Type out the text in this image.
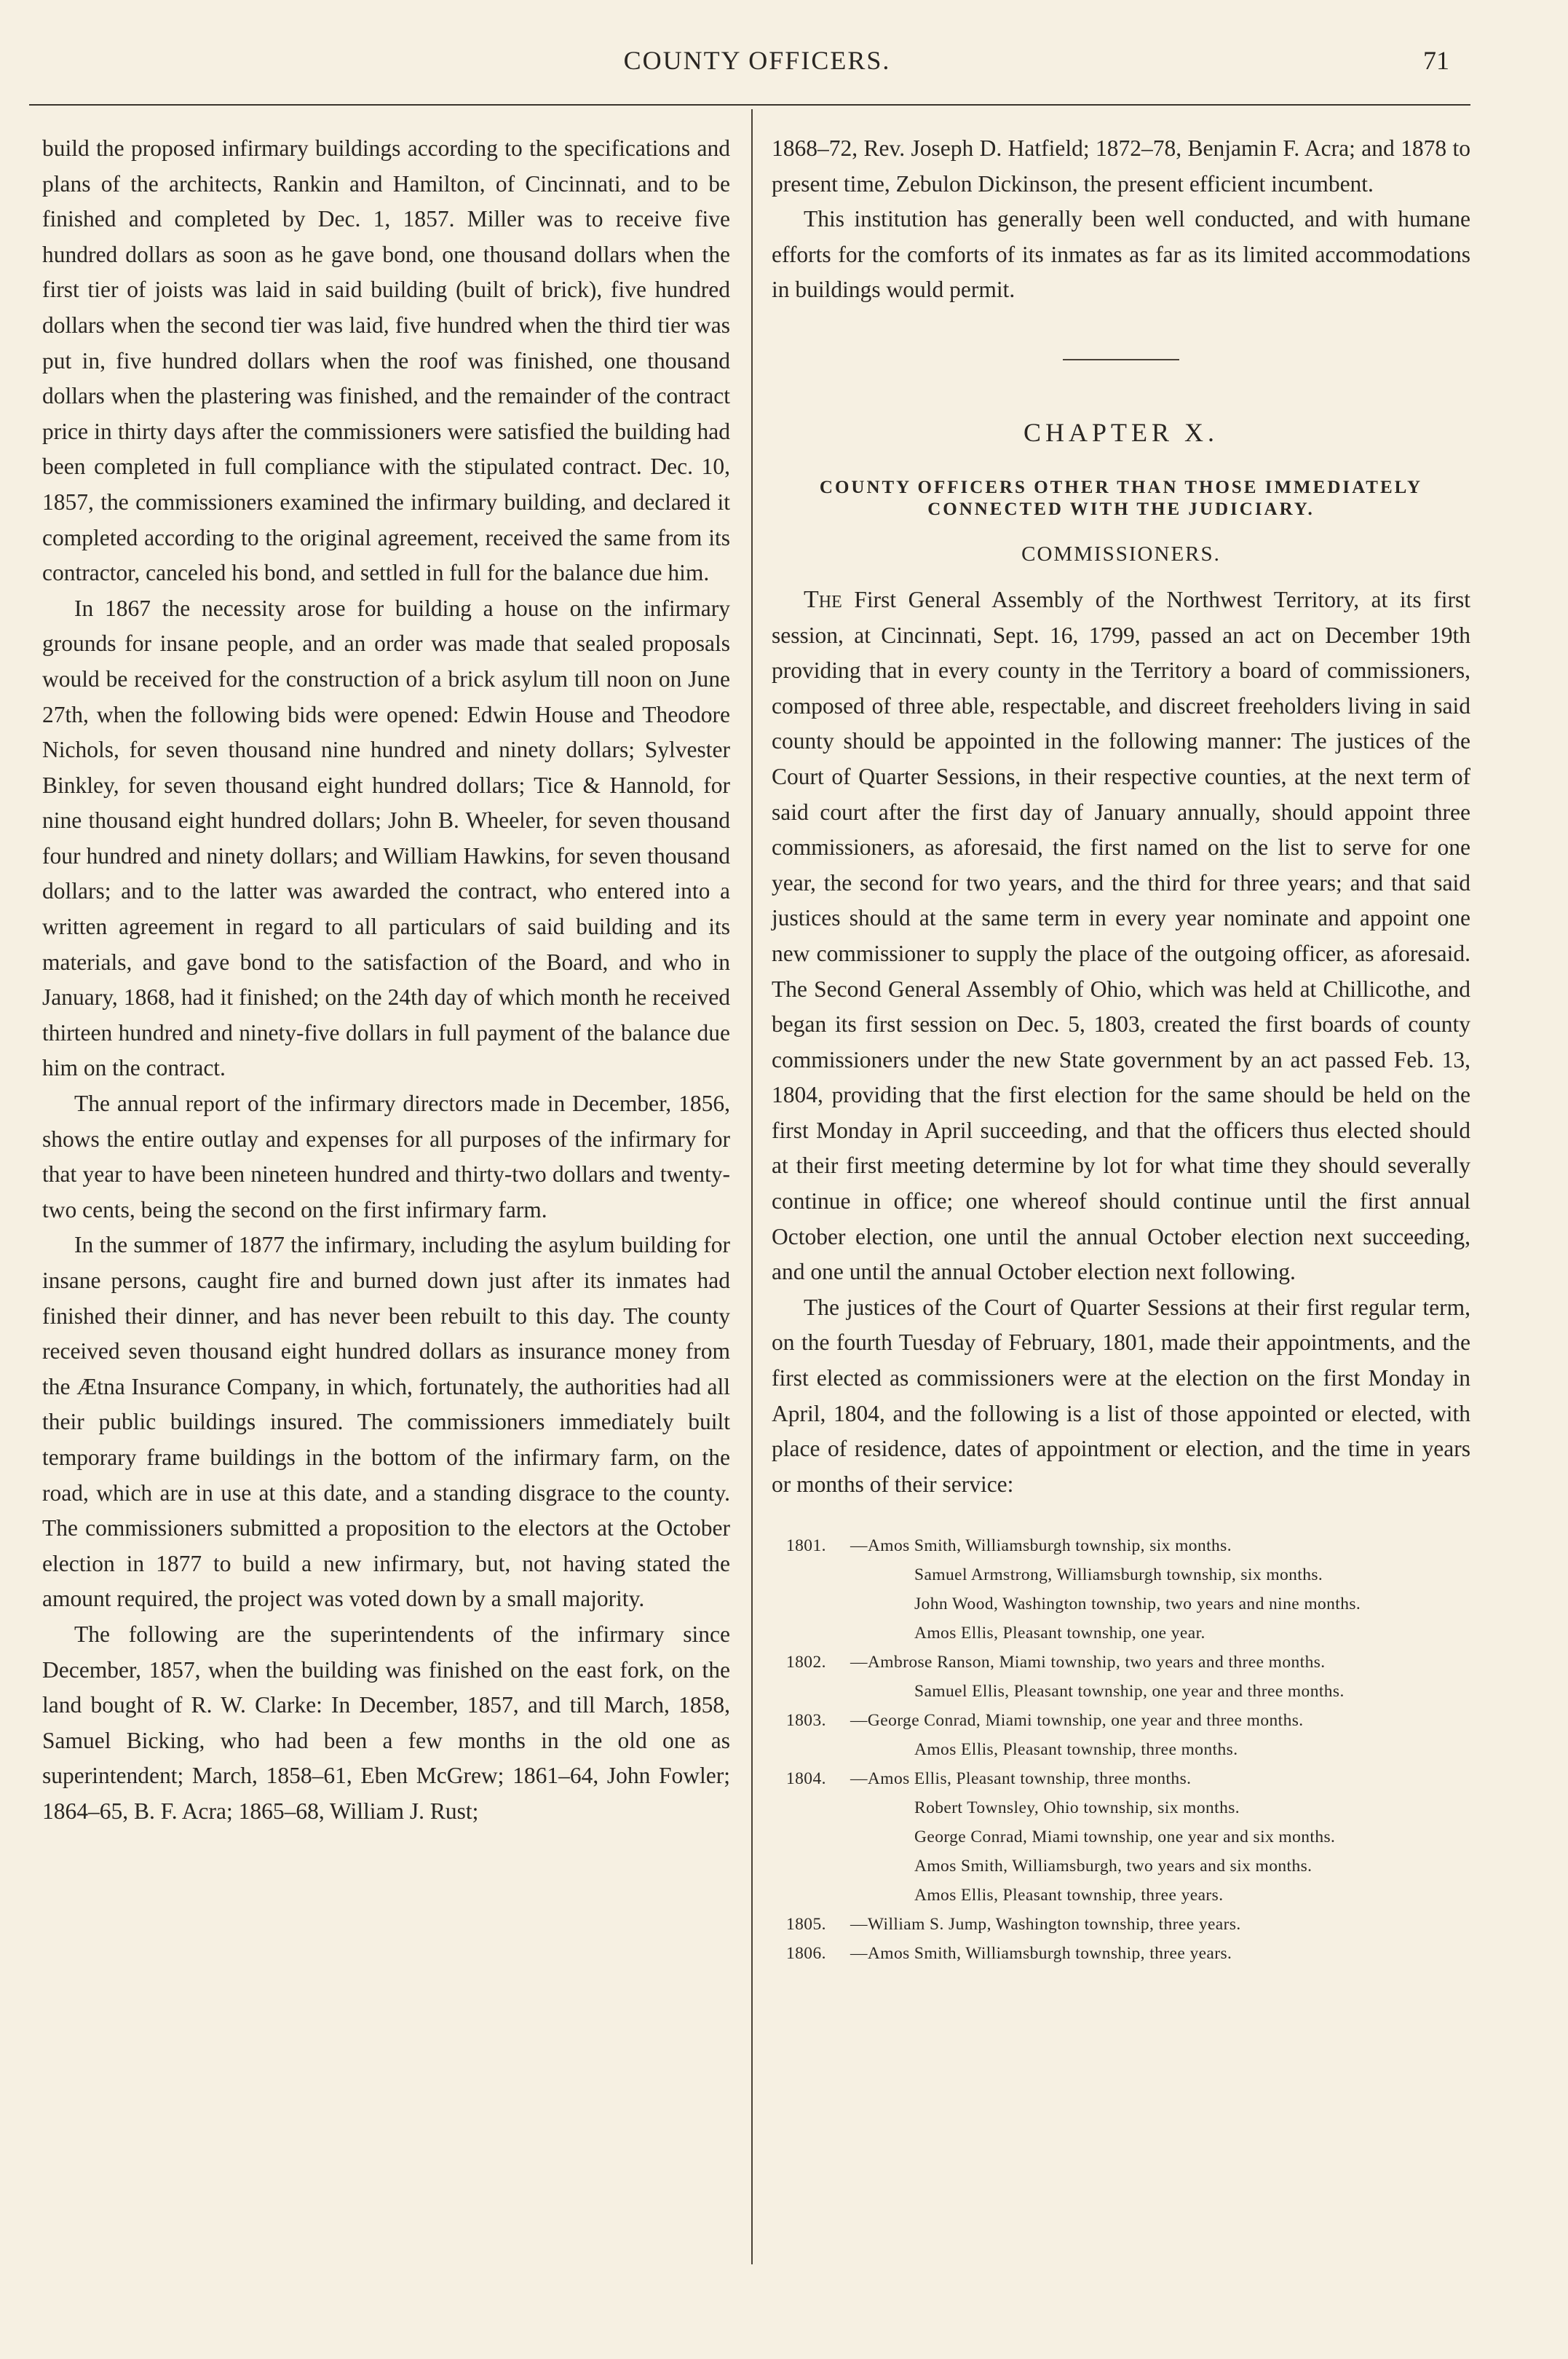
COUNTY OFFICERS.	71

build the proposed infirmary buildings according to the specifications and plans of the architects, Rankin and Hamilton, of Cincinnati, and to be finished and completed by Dec. 1, 1857. Miller was to receive five hundred dollars as soon as he gave bond, one thousand dollars when the first tier of joists was laid in said building (built of brick), five hundred dollars when the second tier was laid, five hundred when the third tier was put in, five hundred dollars when the roof was finished, one thousand dollars when the plastering was finished, and the remainder of the contract price in thirty days after the commissioners were satisfied the building had been completed in full compliance with the stipulated contract. Dec. 10, 1857, the commissioners examined the infirmary building, and declared it completed according to the original agreement, received the same from its contractor, canceled his bond, and settled in full for the balance due him.

In 1867 the necessity arose for building a house on the infirmary grounds for insane people, and an order was made that sealed proposals would be received for the construction of a brick asylum till noon on June 27th, when the following bids were opened: Edwin House and Theodore Nichols, for seven thousand nine hundred and ninety dollars; Sylvester Binkley, for seven thousand eight hundred dollars; Tice & Hannold, for nine thousand eight hundred dollars; John B. Wheeler, for seven thousand four hundred and ninety dollars; and William Hawkins, for seven thousand dollars; and to the latter was awarded the contract, who entered into a written agreement in regard to all particulars of said building and its materials, and gave bond to the satisfaction of the Board, and who in January, 1868, had it finished; on the 24th day of which month he received thirteen hundred and ninety-five dollars in full payment of the balance due him on the contract.

The annual report of the infirmary directors made in December, 1856, shows the entire outlay and expenses for all purposes of the infirmary for that year to have been nineteen hundred and thirty-two dollars and twenty-two cents, being the second on the first infirmary farm.

In the summer of 1877 the infirmary, including the asylum building for insane persons, caught fire and burned down just after its inmates had finished their dinner, and has never been rebuilt to this day. The county received seven thousand eight hundred dollars as insurance money from the Ætna Insurance Company, in which, fortunately, the authorities had all their public buildings insured. The commissioners immediately built temporary frame buildings in the bottom of the infirmary farm, on the road, which are in use at this date, and a standing disgrace to the county. The commissioners submitted a proposition to the electors at the October election in 1877 to build a new infirmary, but, not having stated the amount required, the project was voted down by a small majority.

The following are the superintendents of the infirmary since December, 1857, when the building was finished on the east fork, on the land bought of R. W. Clarke: In December, 1857, and till March, 1858, Samuel Bicking, who had been a few months in the old one as superintendent; March, 1858–61, Eben McGrew; 1861–64, John Fowler; 1864–65, B. F. Acra; 1865–68, William J. Rust;

1868–72, Rev. Joseph D. Hatfield; 1872–78, Benjamin F. Acra; and 1878 to present time, Zebulon Dickinson, the present efficient incumbent.

This institution has generally been well conducted, and with humane efforts for the comforts of its inmates as far as its limited accommodations in buildings would permit.

CHAPTER X.
COUNTY OFFICERS OTHER THAN THOSE IMMEDIATELY CONNECTED WITH THE JUDICIARY.
COMMISSIONERS.

The First General Assembly of the Northwest Territory, at its first session, at Cincinnati, Sept. 16, 1799, passed an act on December 19th providing that in every county in the Territory a board of commissioners, composed of three able, respectable, and discreet freeholders living in said county should be appointed in the following manner: The justices of the Court of Quarter Sessions, in their respective counties, at the next term of said court after the first day of January annually, should appoint three commissioners, as aforesaid, the first named on the list to serve for one year, the second for two years, and the third for three years; and that said justices should at the same term in every year nominate and appoint one new commissioner to supply the place of the outgoing officer, as aforesaid. The Second General Assembly of Ohio, which was held at Chillicothe, and began its first session on Dec. 5, 1803, created the first boards of county commissioners under the new State government by an act passed Feb. 13, 1804, providing that the first election for the same should be held on the first Monday in April succeeding, and that the officers thus elected should at their first meeting determine by lot for what time they should severally continue in office; one whereof should continue until the first annual October election, one until the annual October election next succeeding, and one until the annual October election next following.

The justices of the Court of Quarter Sessions at their first regular term, on the fourth Tuesday of February, 1801, made their appointments, and the first elected as commissioners were at the election on the first Monday in April, 1804, and the following is a list of those appointed or elected, with place of residence, dates of appointment or election, and the time in years or months of their service:

1801. —Amos Smith, Williamsburgh township, six months.
Samuel Armstrong, Williamsburgh township, six months.
John Wood, Washington township, two years and nine months.
Amos Ellis, Pleasant township, one year.
1802. —Ambrose Ranson, Miami township, two years and three months.
Samuel Ellis, Pleasant township, one year and three months.
1803. —George Conrad, Miami township, one year and three months.
Amos Ellis, Pleasant township, three months.
1804. —Amos Ellis, Pleasant township, three months.
Robert Townsley, Ohio township, six months.
George Conrad, Miami township, one year and six months.
Amos Smith, Williamsburgh, two years and six months.
Amos Ellis, Pleasant township, three years.
1805. —William S. Jump, Washington township, three years.
1806. —Amos Smith, Williamsburgh township, three years.
